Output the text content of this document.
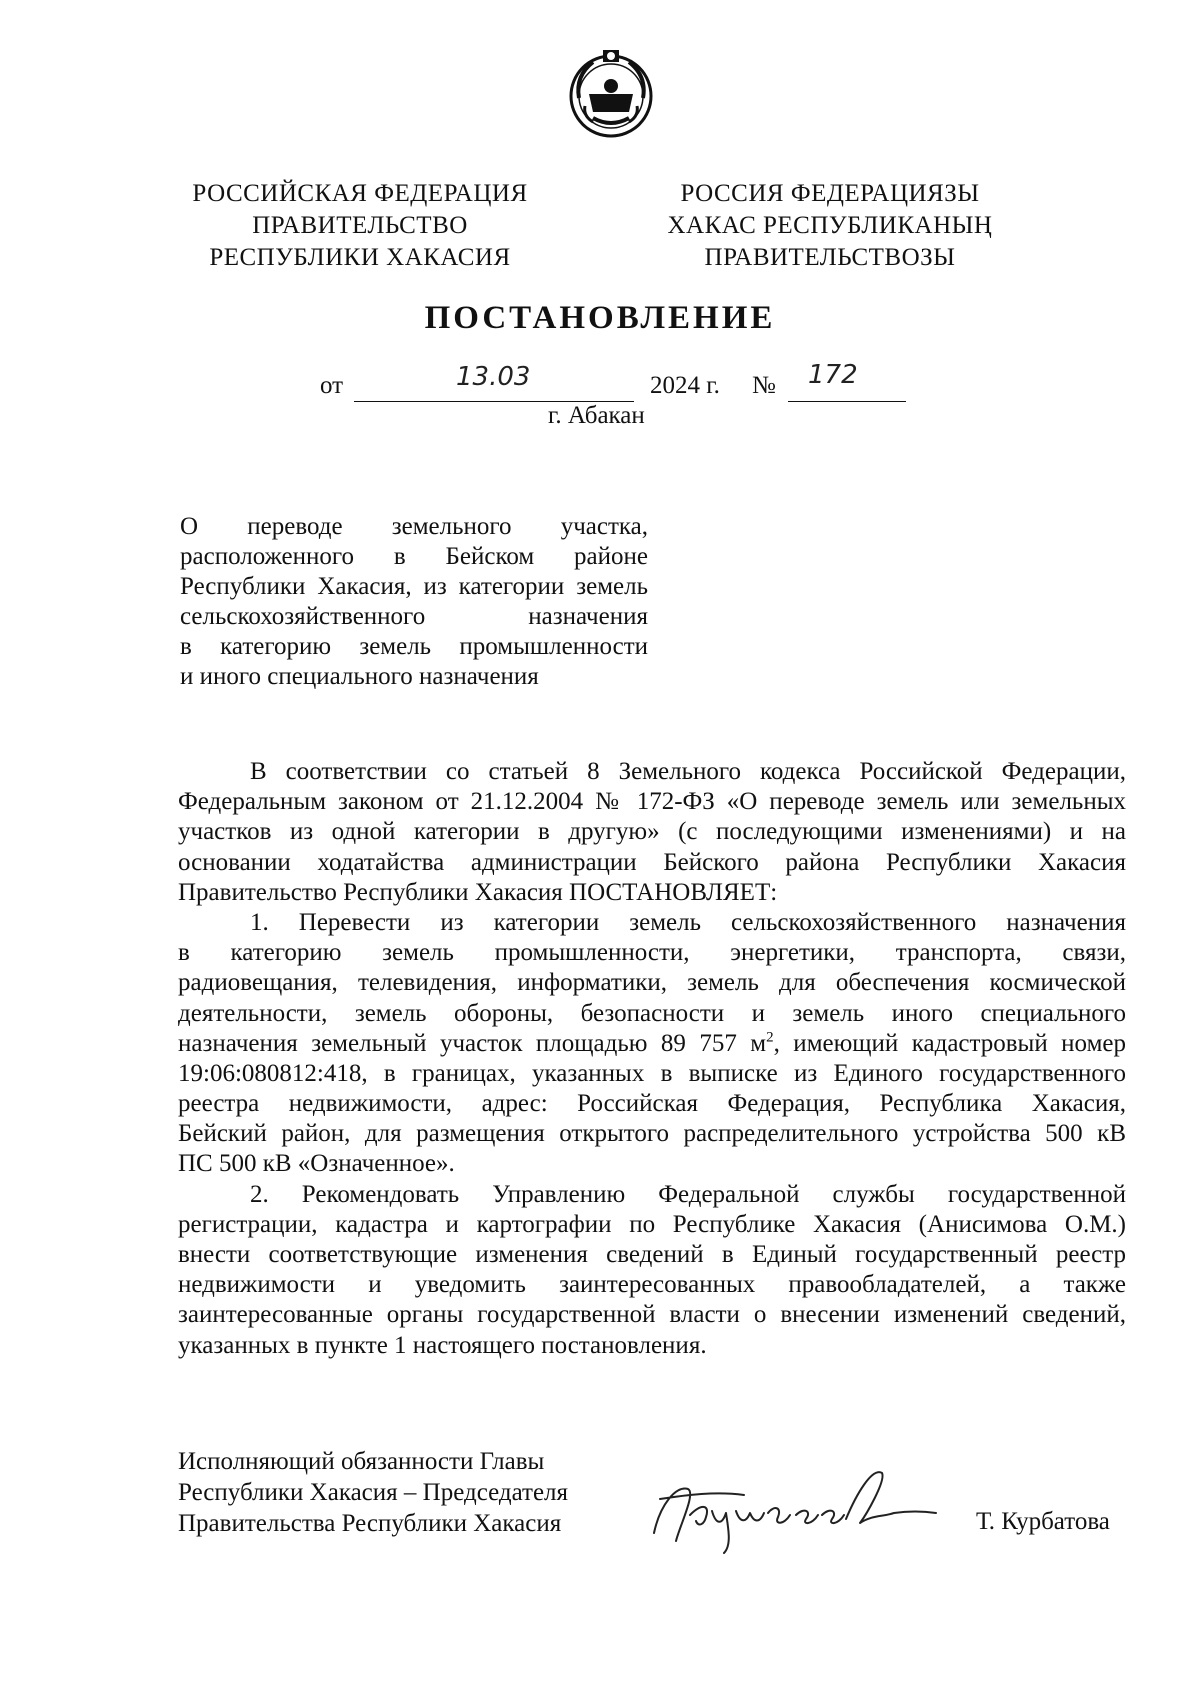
РОССИЙСКАЯ ФЕДЕРАЦИЯ
ПРАВИТЕЛЬСТВО
РЕСПУБЛИКИ ХАКАСИЯ
РОССИЯ ФЕДЕРАЦИЯЗЫ
ХАКАС РЕСПУБЛИКАНЫҢ
ПРАВИТЕЛЬСТВОЗЫ
ПОСТАНОВЛЕНИЕ
от	13.03	2024 г. № 172
г. Абакан
О переводе земельного участка,
расположенного в Бейском районе
Республики Хакасия, из категории земель
сельскохозяйственного назначения
в категорию земель промышленности
и иного специального назначения
В соответствии со статьей 8 Земельного кодекса Российской Федерации,
Федеральным законом от 21.12.2004 № 172-ФЗ «О переводе земель или земельных
участков из одной категории в другую» (с последующими изменениями) и на
основании ходатайства администрации Бейского района Республики Хакасия
Правительство Республики Хакасия ПОСТАНОВЛЯЕТ:
1. Перевести из категории земель сельскохозяйственного назначения
в категорию земель промышленности, энергетики, транспорта, связи,
радиовещания, телевидения, информатики, земель для обеспечения космической
деятельности, земель обороны, безопасности и земель иного специального
назначения земельный участок площадью 89 757 $м^2$, имеющий кадастровый номер
19:06:080812:418, в границах, указанных в выписке из Единого государственного
реестра недвижимости, адрес: Российская Федерация, Республика Хакасия,
Бейский район, для размещения открытого распределительного устройства 500 кВ
ПС 500 кВ «Означенное».
2. Рекомендовать Управлению Федеральной службы государственной
регистрации, кадастра и картографии по Республике Хакасия (Анисимова О.М.)
внести соответствующие изменения сведений в Единый государственный реестр
недвижимости и уведомить заинтересованных правообладателей, а также
заинтересованные органы государственной власти о внесении изменений сведений,
указанных в пункте 1 настоящего постановления.
Исполняющий обязанности Главы
Республики Хакасия – Председателя
Правительства Республики Хакасия	Т. Курбатова
